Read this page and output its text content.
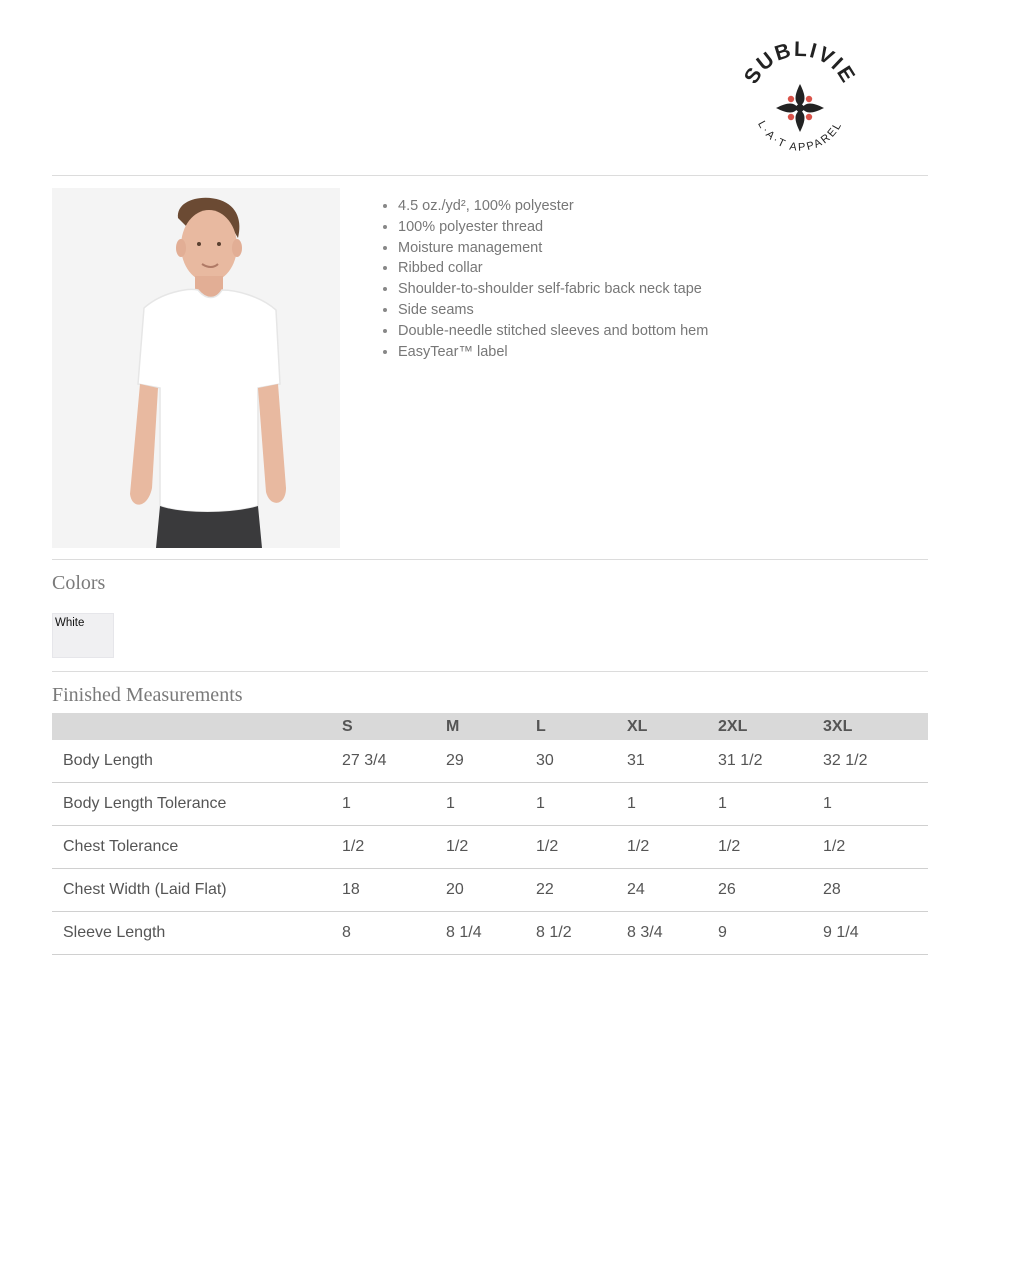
SUBLIVIE
L·A·T APPAREL
• 4.5 oz./yd², 100% polyester
• 100% polyester thread
• Moisture management
• Ribbed collar
• Shoulder-to-shoulder self-fabric back neck tape
• Side seams
• Double-needle stitched sleeves and bottom hem
• EasyTear™ label
Colors
White
Finished Measurements
	S	M	L	XL	2XL	3XL
Body Length	27 3/4	29	30	31	31 1/2	32 1/2
Body Length Tolerance	1	1	1	1	1	1
Chest Tolerance	1/2	1/2	1/2	1/2	1/2	1/2
Chest Width (Laid Flat)	18	20	22	24	26	28
Sleeve Length	8	8 1/4	8 1/2	8 3/4	9	9 1/4
